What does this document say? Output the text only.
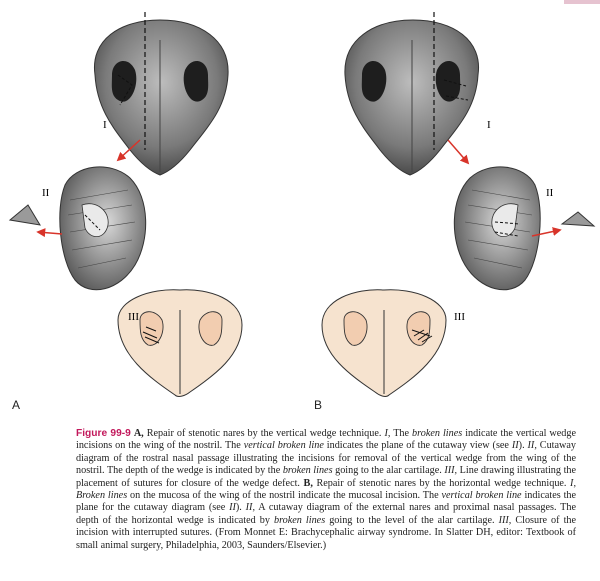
I
II
III
A
I
II
III
B
Figure 99-9 A, Repair of stenotic nares by the vertical wedge technique. I, The broken lines indicate the vertical wedge incisions on the wing of the nostril. The vertical broken line indicates the plane of the cutaway view (see II). II, Cutaway diagram of the rostral nasal passage illustrating the incisions for removal of the vertical wedge from the wing of the nostril. The depth of the wedge is indicated by the broken lines going to the alar cartilage. III, Line drawing illustrating the placement of sutures for closure of the wedge defect. B, Repair of stenotic nares by the horizontal wedge technique. I, Broken lines on the mucosa of the wing of the nostril indicate the mucosal incision. The vertical broken line indicates the plane for the cutaway diagram (see II). II, A cutaway diagram of the external nares and proximal nasal passages. The depth of the horizontal wedge is indicated by broken lines going to the level of the alar cartilage. III, Closure of the incision with interrupted sutures. (From Monnet E: Brachycephalic airway syndrome. In Slatter DH, editor: Textbook of small animal surgery, Philadelphia, 2003, Saunders/Elsevier.)
